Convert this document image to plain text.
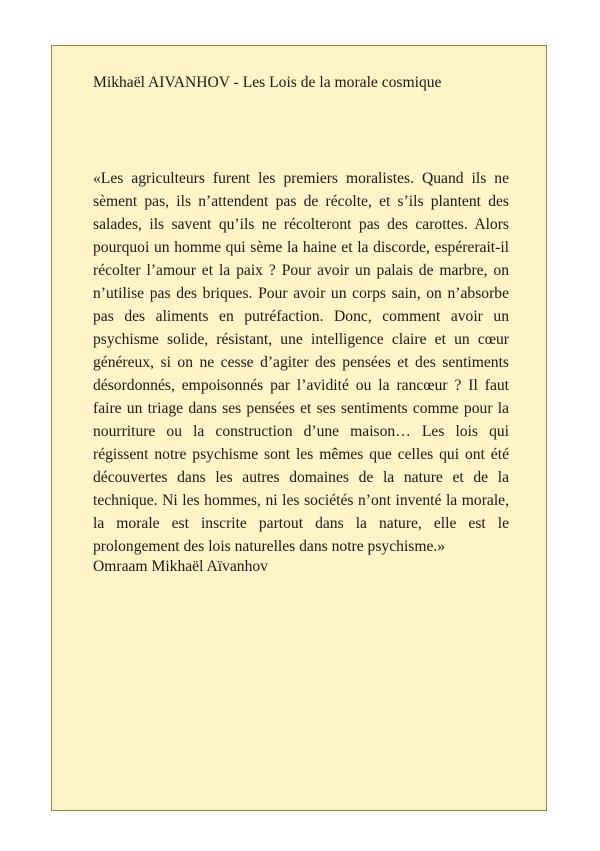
Mikhaël AIVANHOV - Les Lois de la morale cosmique

«Les agriculteurs furent les premiers moralistes. Quand ils ne sèment pas, ils n’attendent pas de récolte, et s’ils plantent des salades, ils savent qu’ils ne récolteront pas des carottes. Alors pourquoi un homme qui sème la haine et la discorde, espérerait-il récolter l’amour et la paix ? Pour avoir un palais de marbre, on n’utilise pas des briques. Pour avoir un corps sain, on n’absorbe pas des aliments en putréfaction. Donc, comment avoir un psychisme solide, résistant, une intelligence claire et un cœur généreux, si on ne cesse d’agiter des pensées et des sentiments désordonnés, empoisonnés par l’avidité ou la rancœur ? Il faut faire un triage dans ses pensées et ses sentiments comme pour la nourriture ou la construction d’une maison… Les lois qui régissent notre psychisme sont les mêmes que celles qui ont été découvertes dans les autres domaines de la nature et de la technique. Ni les hommes, ni les sociétés n’ont inventé la morale, la morale est inscrite partout dans la nature, elle est le prolongement des lois naturelles dans notre psychisme.»

Omraam Mikhaël Aïvanhov
